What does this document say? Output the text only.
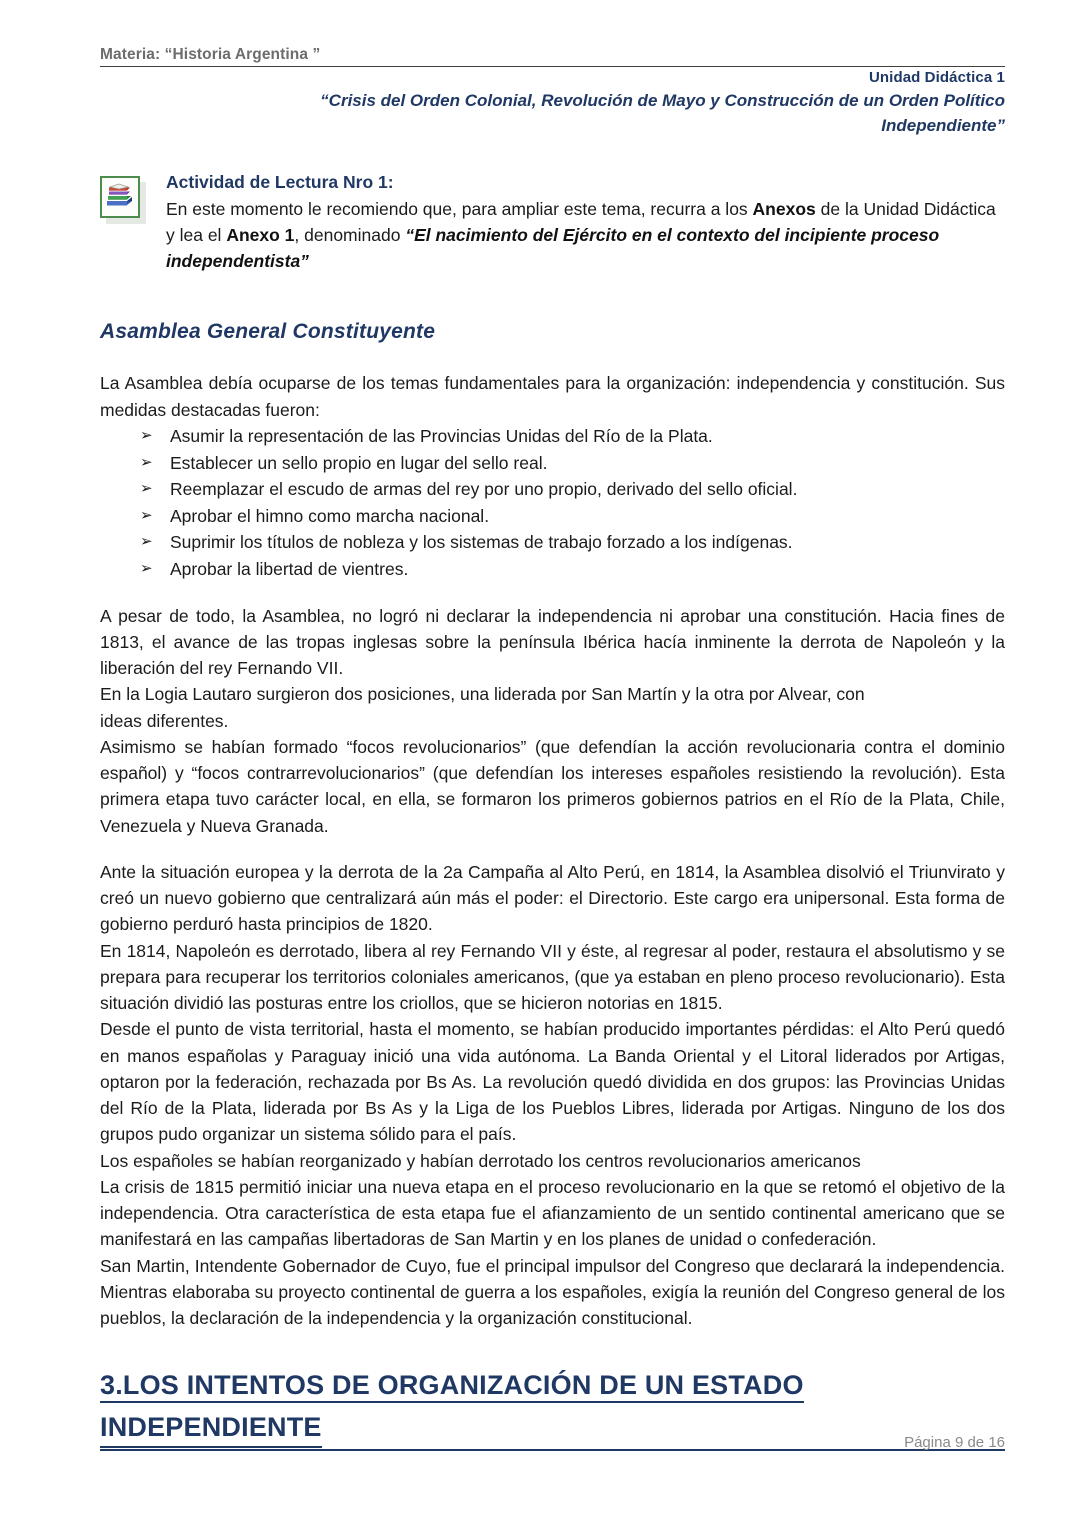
Materia: “Historia Argentina ”
Unidad Didáctica 1
“Crisis del Orden Colonial, Revolución de Mayo y Construcción de un Orden Político Independiente”
Actividad de Lectura Nro 1:
En este momento le recomiendo que, para ampliar este tema, recurra a los Anexos de la Unidad Didáctica y lea el Anexo 1, denominado “El nacimiento del Ejército en el contexto del incipiente proceso independentista”
Asamblea General Constituyente

La Asamblea debía ocuparse de los temas fundamentales para la organización: independencia y constitución. Sus medidas destacadas fueron:

➢ Asumir la representación de las Provincias Unidas del Río de la Plata.
➢ Establecer un sello propio en lugar del sello real.
➢ Reemplazar el escudo de armas del rey por uno propio, derivado del sello oficial.
➢ Aprobar el himno como marcha nacional.
➢ Suprimir los títulos de nobleza y los sistemas de trabajo forzado a los indígenas.
➢ Aprobar la libertad de vientres.

A pesar de todo, la Asamblea, no logró ni declarar la independencia ni aprobar una constitución. Hacia fines de 1813, el avance de las tropas inglesas sobre la península Ibérica hacía inminente la derrota de Napoleón y la liberación del rey Fernando VII.

En la Logia Lautaro surgieron dos posiciones, una liderada por San Martín y la otra por Alvear, con

ideas diferentes.

Asimismo se habían formado “focos revolucionarios” (que defendían la acción revolucionaria contra el dominio español) y “focos contrarrevolucionarios” (que defendían los intereses españoles resistiendo la revolución). Esta primera etapa tuvo carácter local, en ella, se formaron los primeros gobiernos patrios en el Río de la Plata, Chile, Venezuela y Nueva Granada.

Ante la situación europea y la derrota de la 2a Campaña al Alto Perú, en 1814, la Asamblea disolvió el Triunvirato y creó un nuevo gobierno que centralizará aún más el poder: el Directorio. Este cargo era unipersonal. Esta forma de gobierno perduró hasta principios de 1820.

En 1814, Napoleón es derrotado, libera al rey Fernando VII y éste, al regresar al poder, restaura el absolutismo y se prepara para recuperar los territorios coloniales americanos, (que ya estaban en pleno proceso revolucionario). Esta situación dividió las posturas entre los criollos, que se hicieron notorias en 1815.

Desde el punto de vista territorial, hasta el momento, se habían producido importantes pérdidas: el Alto Perú quedó en manos españolas y Paraguay inició una vida autónoma. La Banda Oriental y el Litoral liderados por Artigas, optaron por la federación, rechazada por Bs As. La revolución quedó dividida en dos grupos: las Provincias Unidas del Río de la Plata, liderada por Bs As y la Liga de los Pueblos Libres, liderada por Artigas. Ninguno de los dos grupos pudo organizar un sistema sólido para el país.

Los españoles se habían reorganizado y habían derrotado los centros revolucionarios americanos

La crisis de 1815 permitió iniciar una nueva etapa en el proceso revolucionario en la que se retomó el objetivo de la independencia. Otra característica de esta etapa fue el afianzamiento de un sentido continental americano que se manifestará en las campañas libertadoras de San Martin y en los planes de unidad o confederación.

San Martin, Intendente Gobernador de Cuyo, fue el principal impulsor del Congreso que declarará la independencia. Mientras elaboraba su proyecto continental de guerra a los españoles, exigía la reunión del Congreso general de los pueblos, la declaración de la independencia y la organización constitucional.

3.LOS INTENTOS DE ORGANIZACIÓN DE UN ESTADO
INDEPENDIENTE
Página 9 de 16
